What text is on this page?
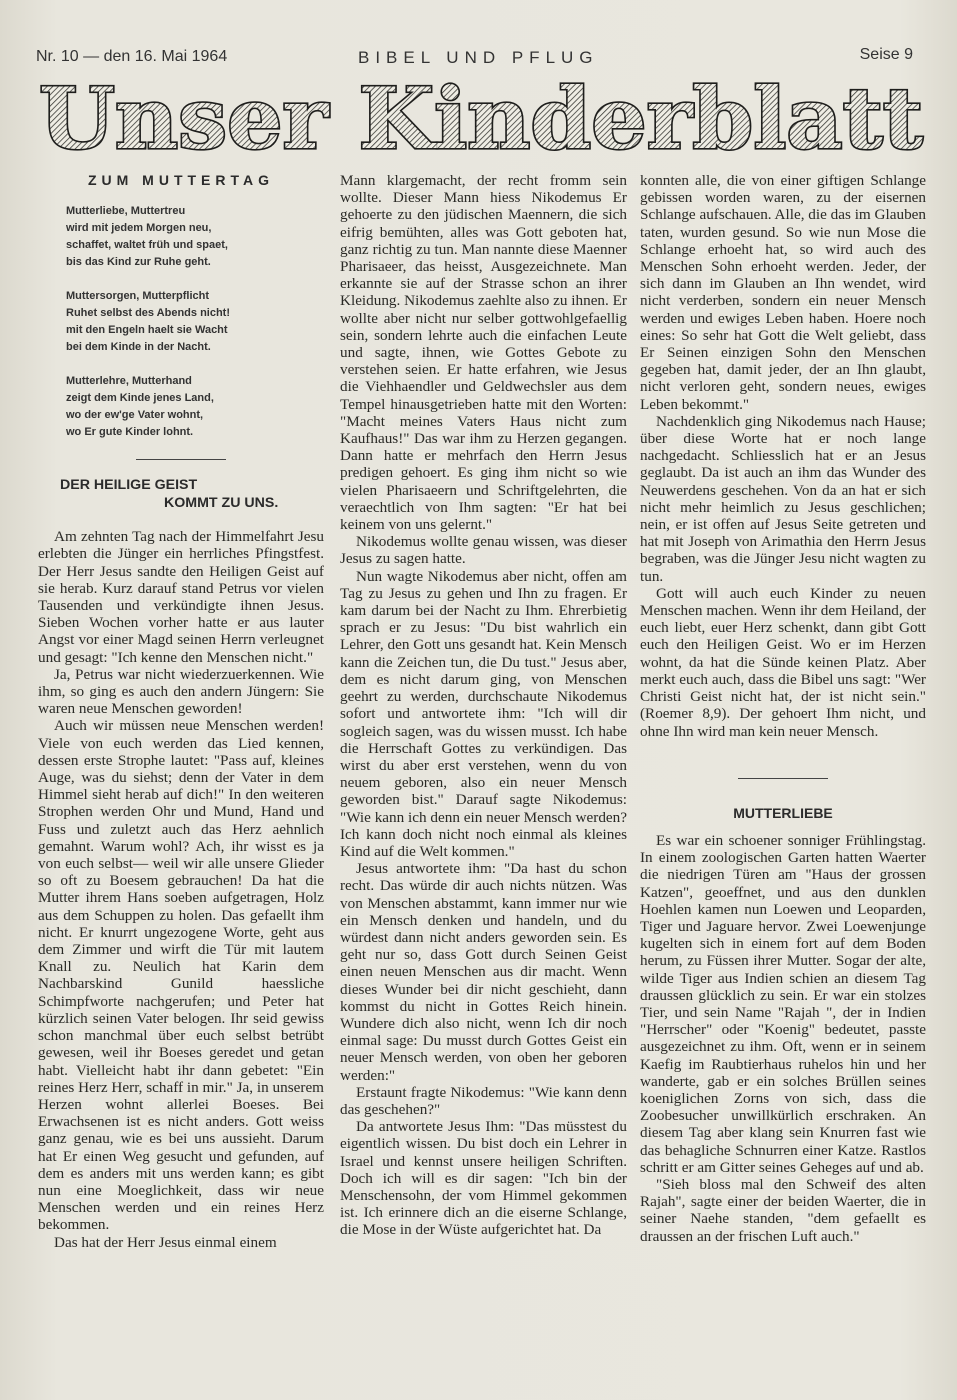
Nr. 10 — den 16. Mai 1964	BIBEL UND PFLUG	Seise 9
Unser Kinderblatt
ZUM MUTTERTAG
Mutterliebe, Muttertreu
wird mit jedem Morgen neu,
schaffet, waltet früh und spaet,
bis das Kind zur Ruhe geht.
Muttersorgen, Mutterpflicht
Ruhet selbst des Abends nicht!
mit den Engeln haelt sie Wacht
bei dem Kinde in der Nacht.
Mutterlehre, Mutterhand
zeigt dem Kinde jenes Land,
wo der ew'ge Vater wohnt,
wo Er gute Kinder lohnt.
DER HEILIGE GEIST
KOMMT ZU UNS.

Am zehnten Tag nach der Himmelfahrt Jesu erlebten die Jünger ein herrliches Pfingstfest. Der Herr Jesus sandte den Heiligen Geist auf sie herab. Kurz darauf stand Petrus vor vielen Tausenden und verkündigte ihnen Jesus. Sieben Wochen vorher hatte er aus lauter Angst vor einer Magd seinen Herrn verleugnet und gesagt: "Ich kenne den Menschen nicht."

Ja, Petrus war nicht wiederzuerkennen. Wie ihm, so ging es auch den andern Jüngern: Sie waren neue Menschen geworden!

Auch wir müssen neue Menschen werden! Viele von euch werden das Lied kennen, dessen erste Strophe lautet: "Pass auf, kleines Auge, was du siehst; denn der Vater in dem Himmel sieht herab auf dich!" In den weiteren Strophen werden Ohr und Mund, Hand und Fuss und zuletzt auch das Herz aehnlich gemahnt. Warum wohl? Ach, ihr wisst es ja von euch selbst— weil wir alle unsere Glieder so oft zu Boesem gebrauchen! Da hat die Mutter ihrem Hans soeben aufgetragen, Holz aus dem Schuppen zu holen. Das gefaellt ihm nicht. Er knurrt ungezogene Worte, geht aus dem Zimmer und wirft die Tür mit lautem Knall zu. Neulich hat Karin dem Nachbarskind Gunild haessliche Schimpfworte nachgerufen; und Peter hat kürzlich seinen Vater belogen. Ihr seid gewiss schon manchmal über euch selbst betrübt gewesen, weil ihr Boeses geredet und getan habt. Vielleicht habt ihr dann gebetet: "Ein reines Herz Herr, schaff in mir." Ja, in unserem Herzen wohnt allerlei Boeses. Bei Erwachsenen ist es nicht anders. Gott weiss ganz genau, wie es bei uns aussieht. Darum hat Er einen Weg gesucht und gefunden, auf dem es anders mit uns werden kann; es gibt nun eine Moeglichkeit, dass wir neue Menschen werden und ein reines Herz bekommen.

Das hat der Herr Jesus einmal einem

Mann klargemacht, der recht fromm sein wollte. Dieser Mann hiess Nikodemus Er gehoerte zu den jüdischen Maennern, die sich eifrig bemühten, alles was Gott geboten hat, ganz richtig zu tun. Man nannte diese Maenner Pharisaeer, das heisst, Ausgezeichnete. Man erkannte sie auf der Strasse schon an ihrer Kleidung. Nikodemus zaehlte also zu ihnen. Er wollte aber nicht nur selber gottwohlgefaellig sein, sondern lehrte auch die einfachen Leute und sagte, ihnen, wie Gottes Gebote zu verstehen seien. Er hatte erfahren, wie Jesus die Viehhaendler und Geldwechsler aus dem Tempel hinausgetrieben hatte mit den Worten: "Macht meines Vaters Haus nicht zum Kaufhaus!" Das war ihm zu Herzen gegangen. Dann hatte er mehrfach den Herrn Jesus predigen gehoert. Es ging ihm nicht so wie vielen Pharisaeern und Schriftgelehrten, die veraechtlich von Ihm sagten: "Er hat bei keinem von uns gelernt."

Nikodemus wollte genau wissen, was dieser Jesus zu sagen hatte.

Nun wagte Nikodemus aber nicht, offen am Tag zu Jesus zu gehen und Ihn zu fragen. Er kam darum bei der Nacht zu Ihm. Ehrerbietig sprach er zu Jesus: "Du bist wahrlich ein Lehrer, den Gott uns gesandt hat. Kein Mensch kann die Zeichen tun, die Du tust." Jesus aber, dem es nicht darum ging, von Menschen geehrt zu werden, durchschaute Nikodemus sofort und antwortete ihm: "Ich will dir sogleich sagen, was du wissen musst. Ich habe die Herrschaft Gottes zu verkündigen. Das wirst du aber erst verstehen, wenn du von neuem geboren, also ein neuer Mensch geworden bist." Darauf sagte Nikodemus: "Wie kann ich denn ein neuer Mensch werden? Ich kann doch nicht noch einmal als kleines Kind auf die Welt kommen."

Jesus antwortete ihm: "Da hast du schon recht. Das würde dir auch nichts nützen. Was von Menschen abstammt, kann immer nur wie ein Mensch denken und handeln, und du würdest dann nicht anders geworden sein. Es geht nur so, dass Gott durch Seinen Geist einen neuen Menschen aus dir macht. Wenn dieses Wunder bei dir nicht geschieht, dann kommst du nicht in Gottes Reich hinein. Wundere dich also nicht, wenn Ich dir noch einmal sage: Du musst durch Gottes Geist ein neuer Mensch werden, von oben her geboren werden:"

Erstaunt fragte Nikodemus: "Wie kann denn das geschehen?"

Da antwortete Jesus Ihm: "Das müsstest du eigentlich wissen. Du bist doch ein Lehrer in Israel und kennst unsere heiligen Schriften. Doch ich will es dir sagen: "Ich bin der Menschensohn, der vom Himmel gekommen ist. Ich erinnere dich an die eiserne Schlange, die Mose in der Wüste aufgerichtet hat. Da

konnten alle, die von einer giftigen Schlange gebissen worden waren, zu der eisernen Schlange aufschauen. Alle, die das im Glauben taten, wurden gesund. So wie nun Mose die Schlange erhoeht hat, so wird auch des Menschen Sohn erhoeht werden. Jeder, der sich dann im Glauben an Ihn wendet, wird nicht verderben, sondern ein neuer Mensch werden und ewiges Leben haben. Hoere noch eines: So sehr hat Gott die Welt geliebt, dass Er Seinen einzigen Sohn den Menschen gegeben hat, damit jeder, der an Ihn glaubt, nicht verloren geht, sondern neues, ewiges Leben bekommt."

Nachdenklich ging Nikodemus nach Hause; über diese Worte hat er noch lange nachgedacht. Schliesslich hat er an Jesus geglaubt. Da ist auch an ihm das Wunder des Neuwerdens geschehen. Von da an hat er sich nicht mehr heimlich zu Jesus geschlichen; nein, er ist offen auf Jesus Seite getreten und hat mit Joseph von Arimathia den Herrn Jesus begraben, was die Jünger Jesu nicht wagten zu tun.

Gott will auch euch Kinder zu neuen Menschen machen. Wenn ihr dem Heiland, der euch liebt, euer Herz schenkt, dann gibt Gott euch den Heiligen Geist. Wo er im Herzen wohnt, da hat die Sünde keinen Platz. Aber merkt euch auch, dass die Bibel uns sagt: "Wer Christi Geist nicht hat, der ist nicht sein." (Roemer 8,9). Der gehoert Ihm nicht, und ohne Ihn wird man kein neuer Mensch.

MUTTERLIEBE

Es war ein schoener sonniger Frühlingstag. In einem zoologischen Garten hatten Waerter die niedrigen Türen am "Haus der grossen Katzen", geoeffnet, und aus den dunklen Hoehlen kamen nun Loewen und Leoparden, Tiger und Jaguare hervor. Zwei Loewenjunge kugelten sich in einem fort auf dem Boden herum, zu Füssen ihrer Mutter. Sogar der alte, wilde Tiger aus Indien schien an diesem Tag draussen glücklich zu sein. Er war ein stolzes Tier, und sein Name "Rajah ", der in Indien "Herrscher" oder "Koenig" bedeutet, passte ausgezeichnet zu ihm. Oft, wenn er in seinem Kaefig im Raubtierhaus ruhelos hin und her wanderte, gab er ein solches Brüllen seines koeniglichen Zorns von sich, dass die Zoobesucher unwillkürlich erschraken. An diesem Tag aber klang sein Knurren fast wie das behagliche Schnurren einer Katze. Rastlos schritt er am Gitter seines Geheges auf und ab.

"Sieh bloss mal den Schweif des alten Rajah", sagte einer der beiden Waerter, die in seiner Naehe standen, "dem gefaellt es draussen an der frischen Luft auch."
